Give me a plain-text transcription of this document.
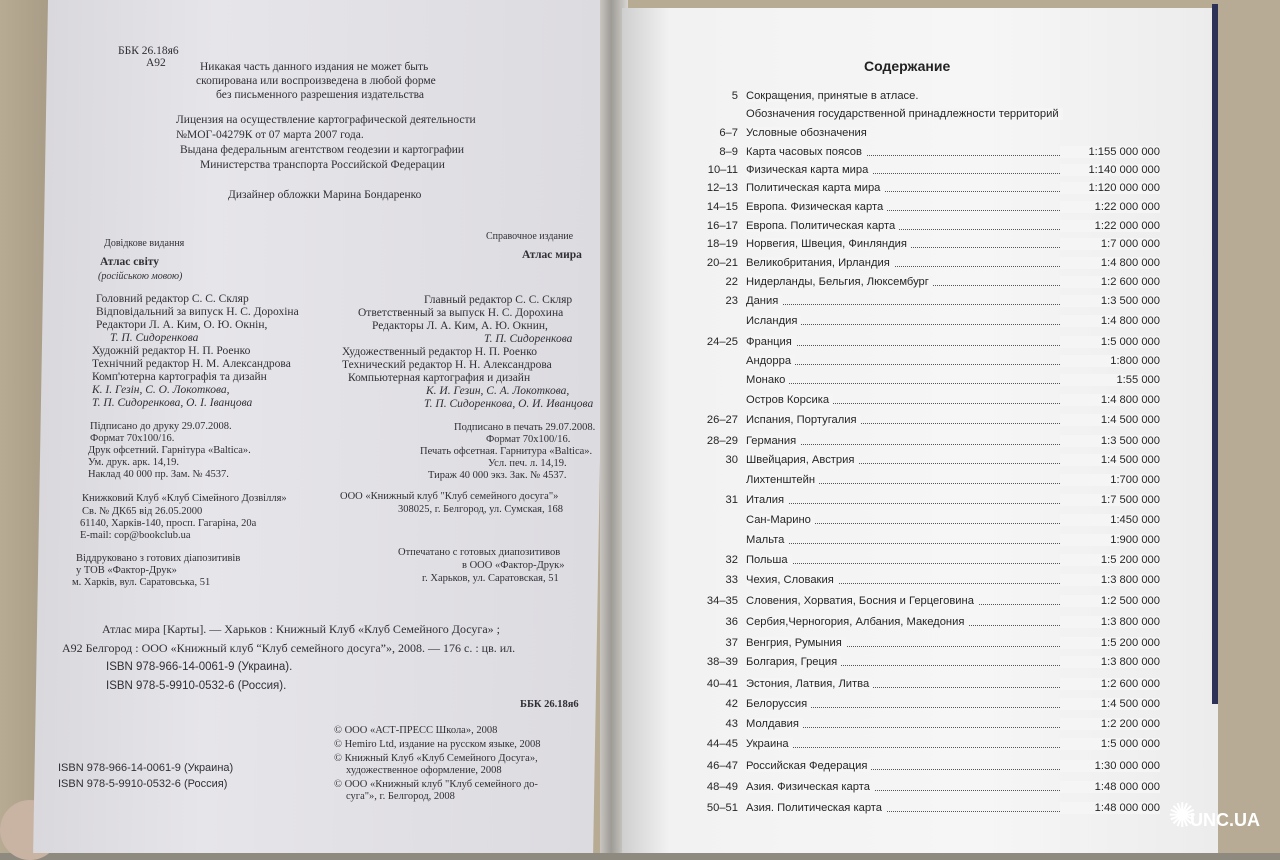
ББК 26.18я6
А92	Никакая часть данного издания не может быть
скопирована или воспроизведена в любой форме
без письменного разрешения издательства
Лицензия на осуществление картографической деятельности
№МОГ-04279К от 07 марта 2007 года.
Выдана федеральным агентством геодезии и картографии
Министерства транспорта Российской Федерации
Дизайнер обложки Марина Бондаренко
Довідкове видання
Атлас світу
(російською мовою)
Головний редактор С. С. Скляр
Відповідальний за випуск Н. С. Дорохіна
Редактори Л. А. Ким, О. Ю. Окнін,
Т. П. Сидоренкова
Художній редактор Н. П. Роенко
Технічний редактор Н. М. Александрова
Комп'ютерна картографія та дизайн
К. І. Гезін, С. О. Локоткова,
Т. П. Сидоренкова, О. І. Іванцова
Підписано до друку 29.07.2008.
Формат 70х100/16.
Друк офсетний. Гарнітура «Baltica».
Ум. друк. арк. 14,19.
Наклад 40 000 пр. Зам. № 4537.
Книжковий Клуб «Клуб Сімейного Дозвілля»
Св. № ДК65 від 26.05.2000
61140, Харків-140, просп. Гагаріна, 20а
E-mail: cop@bookclub.ua
Віддруковано з готових діапозитивів
у ТОВ «Фактор-Друк»
м. Харків, вул. Саратовська, 51
Справочное издание
Атлас мира
Главный редактор С. С. Скляр
Ответственный за выпуск Н. С. Дорохина
Редакторы Л. А. Ким, А. Ю. Окнин,
Т. П. Сидоренкова
Художественный редактор Н. П. Роенко
Технический редактор Н. Н. Александрова
Компьютерная картография и дизайн
К. И. Гезин, С. А. Локоткова,
Т. П. Сидоренкова, О. И. Иванцова
Подписано в печать 29.07.2008.
Формат 70х100/16.
Печать офсетная. Гарнитура «Baltica».
Усл. печ. л. 14,19.
Тираж 40 000 экз. Зак. № 4537.
ООО «Книжный клуб "Клуб семейного досуга"»
308025, г. Белгород, ул. Сумская, 168
Отпечатано с готовых диапозитивов
в ООО «Фактор-Друк»
г. Харьков, ул. Саратовская, 51
Атлас мира [Карты]. — Харьков : Книжный Клуб «Клуб Семейного Досуга» ;
А92 Белгород : ООО «Книжный клуб “Клуб семейного досуга”», 2008. — 176 с. : цв. ил.
ISBN 978-966-14-0061-9 (Украина).
ISBN 978-5-9910-0532-6 (Россия).
ББК 26.18я6
© ООО «АСТ-ПРЕСС Школа», 2008
© Hemiro Ltd, издание на русском языке, 2008
© Книжный Клуб «Клуб Семейного Досуга»,
художественное оформление, 2008
© ООО «Книжный клуб "Клуб семейного до-
суга"», г. Белгород, 2008
ISBN 978-966-14-0061-9 (Украина)
ISBN 978-5-9910-0532-6 (Россия)
Содержание
5 Сокращения, принятые в атласе.
Обозначения государственной принадлежности территорий
6–7 Условные обозначения
8–9 Карта часовых поясов	1:155 000 000
10–11 Физическая карта мира	1:140 000 000
12–13 Политическая карта мира	1:120 000 000
14–15 Европа. Физическая карта	1:22 000 000
16–17 Европа. Политическая карта	1:22 000 000
18–19 Норвегия, Швеция, Финляндия	1:7 000 000
20–21 Великобритания, Ирландия	1:4 800 000
22 Нидерланды, Бельгия, Люксембург	1:2 600 000
23 Дания	1:3 500 000
Исландия	1:4 800 000
24–25 Франция	1:5 000 000
Андорра	1:800 000
Монако	1:55 000
Остров Корсика	1:4 800 000
26–27 Испания, Португалия	1:4 500 000
28–29 Германия	1:3 500 000
30 Швейцария, Австрия	1:4 500 000
Лихтенштейн	1:700 000
31 Италия	1:7 500 000
Сан-Марино	1:450 000
Мальта	1:900 000
32 Польша	1:5 200 000
33 Чехия, Словакия	1:3 800 000
34–35 Словения, Хорватия, Босния и Герцеговина	1:2 500 000
36 Сербия,Черногория, Албания, Македония	1:3 800 000
37 Венгрия, Румыния	1:5 200 000
38–39 Болгария, Греция	1:3 800 000
40–41 Эстония, Латвия, Литва	1:2 600 000
42 Белоруссия	1:4 500 000
43 Молдавия	1:2 200 000
44–45 Украина	1:5 000 000
46–47 Российская Федерация	1:30 000 000
48–49 Азия. Физическая карта	1:48 000 000
50–51 Азия. Политическая карта	1:48 000 000 ✺
UNC.UA
